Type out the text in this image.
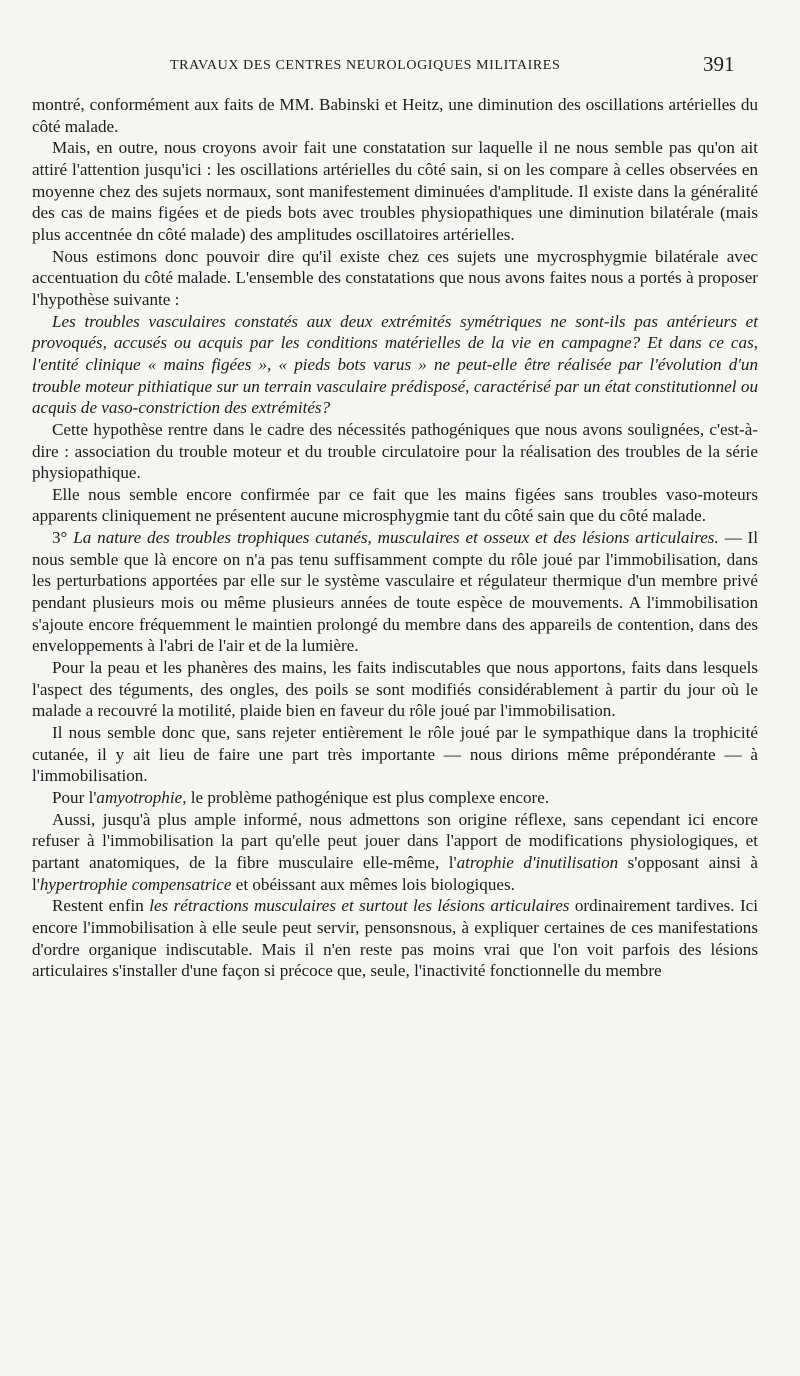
TRAVAUX DES CENTRES NEUROLOGIQUES MILITAIRES	391

montré, conformément aux faits de MM. Babinski et Heitz, une diminution des oscillations artérielles du côté malade.

Mais, en outre, nous croyons avoir fait une constatation sur laquelle il ne nous semble pas qu'on ait attiré l'attention jusqu'ici : les oscillations artérielles du côté sain, si on les compare à celles observées en moyenne chez des sujets normaux, sont manifestement diminuées d'amplitude. Il existe dans la généralité des cas de mains figées et de pieds bots avec troubles physiopathiques une diminution bilatérale (mais plus accentnée dn côté malade) des amplitudes oscillatoires artérielles.

Nous estimons donc pouvoir dire qu'il existe chez ces sujets une mycrosphygmie bilatérale avec accentuation du côté malade. L'ensemble des constatations que nous avons faites nous a portés à proposer l'hypothèse suivante :

Les troubles vasculaires constatés aux deux extrémités symétriques ne sont-ils pas antérieurs et provoqués, accusés ou acquis par les conditions matérielles de la vie en campagne? Et dans ce cas, l'entité clinique « mains figées », « pieds bots varus » ne peut-elle être réalisée par l'évolution d'un trouble moteur pithiatique sur un terrain vasculaire prédisposé, caractérisé par un état constitutionnel ou acquis de vaso-constriction des extrémités?

Cette hypothèse rentre dans le cadre des nécessités pathogéniques que nous avons soulignées, c'est-à-dire : association du trouble moteur et du trouble circulatoire pour la réalisation des troubles de la série physiopathique.

Elle nous semble encore confirmée par ce fait que les mains figées sans troubles vaso-moteurs apparents cliniquement ne présentent aucune microsphygmie tant du côté sain que du côté malade.

3° La nature des troubles trophiques cutanés, musculaires et osseux et des lésions articulaires. — Il nous semble que là encore on n'a pas tenu suffisamment compte du rôle joué par l'immobilisation, dans les perturbations apportées par elle sur le système vasculaire et régulateur thermique d'un membre privé pendant plusieurs mois ou même plusieurs années de toute espèce de mouvements. A l'immobilisation s'ajoute encore fréquemment le maintien prolongé du membre dans des appareils de contention, dans des enveloppements à l'abri de l'air et de la lumière.

Pour la peau et les phanères des mains, les faits indiscutables que nous apportons, faits dans lesquels l'aspect des téguments, des ongles, des poils se sont modifiés considérablement à partir du jour où le malade a recouvré la motilité, plaide bien en faveur du rôle joué par l'immobilisation.

Il nous semble donc que, sans rejeter entièrement le rôle joué par le sympathique dans la trophicité cutanée, il y ait lieu de faire une part très importante — nous dirions même prépondérante — à l'immobilisation.

Pour l'amyotrophie, le problème pathogénique est plus complexe encore.

Aussi, jusqu'à plus ample informé, nous admettons son origine réflexe, sans cependant ici encore refuser à l'immobilisation la part qu'elle peut jouer dans l'apport de modifications physiologiques, et partant anatomiques, de la fibre musculaire elle-même, l'atrophie d'inutilisation s'opposant ainsi à l'hypertrophie compensatrice et obéissant aux mêmes lois biologiques.

Restent enfin les rétractions musculaires et surtout les lésions articulaires ordinairement tardives. Ici encore l'immobilisation à elle seule peut servir, pensonsnous, à expliquer certaines de ces manifestations d'ordre organique indiscutable. Mais il n'en reste pas moins vrai que l'on voit parfois des lésions articulaires s'installer d'une façon si précoce que, seule, l'inactivité fonctionnelle du membre
